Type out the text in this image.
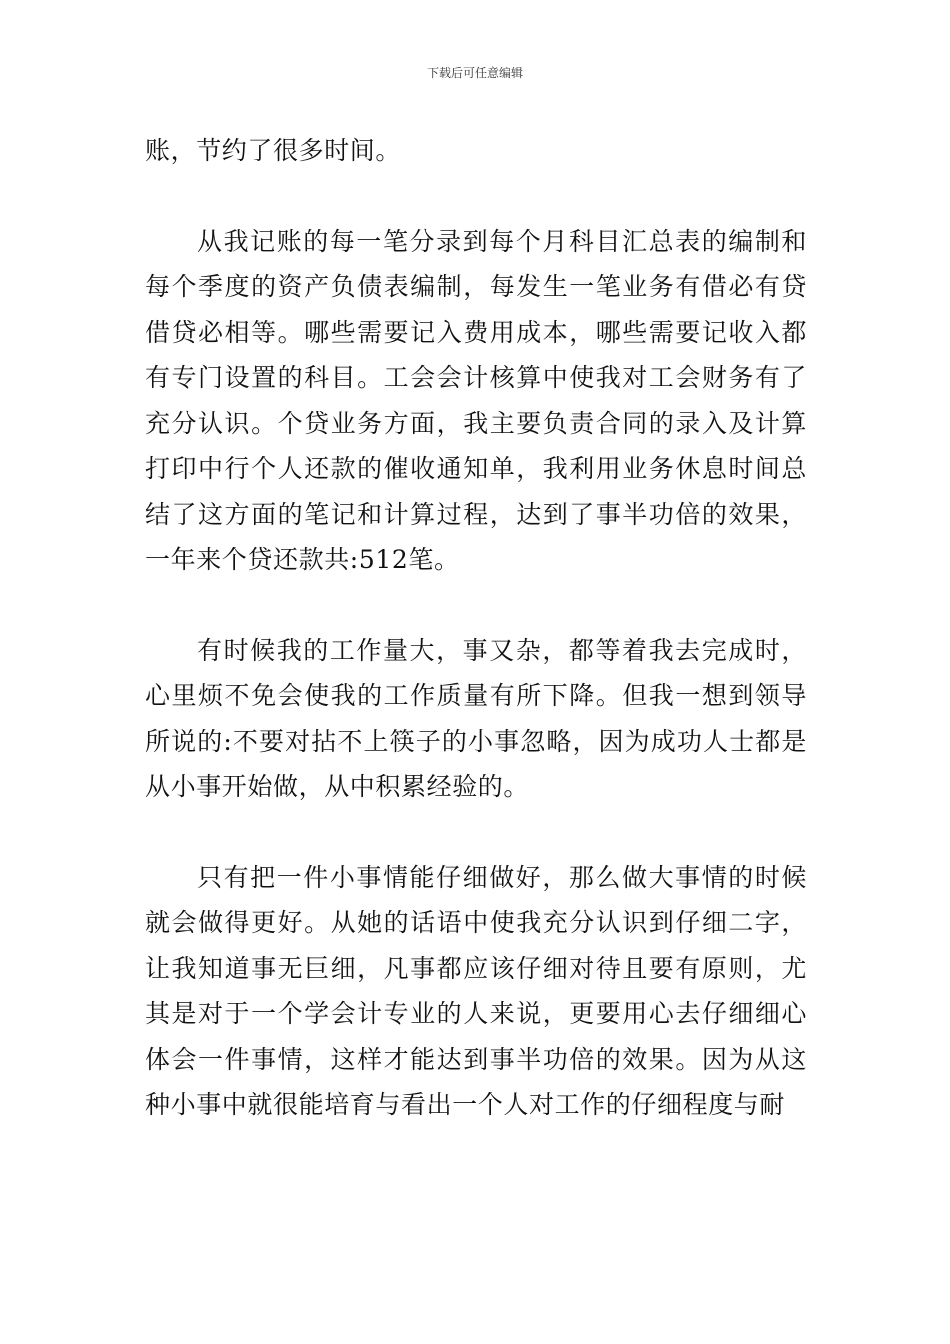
下载后可任意编辑

账，节约了很多时间。

从我记账的每一笔分录到每个月科目汇总表的编制和每个季度的资产负债表编制，每发生一笔业务有借必有贷借贷必相等。哪些需要记入费用成本，哪些需要记收入都有专门设置的科目。工会会计核算中使我对工会财务有了充分认识。个贷业务方面，我主要负责合同的录入及计算打印中行个人还款的催收通知单，我利用业务休息时间总结了这方面的笔记和计算过程，达到了事半功倍的效果，一年来个贷还款共:512笔。

有时候我的工作量大，事又杂，都等着我去完成时，心里烦不免会使我的工作质量有所下降。但我一想到领导所说的:不要对拈不上筷子的小事忽略，因为成功人士都是从小事开始做，从中积累经验的。

只有把一件小事情能仔细做好，那么做大事情的时候就会做得更好。从她的话语中使我充分认识到仔细二字，让我知道事无巨细，凡事都应该仔细对待且要有原则，尤其是对于一个学会计专业的人来说，更要用心去仔细细心体会一件事情，这样才能达到事半功倍的效果。因为从这种小事中就很能培育与看出一个人对工作的仔细程度与耐
